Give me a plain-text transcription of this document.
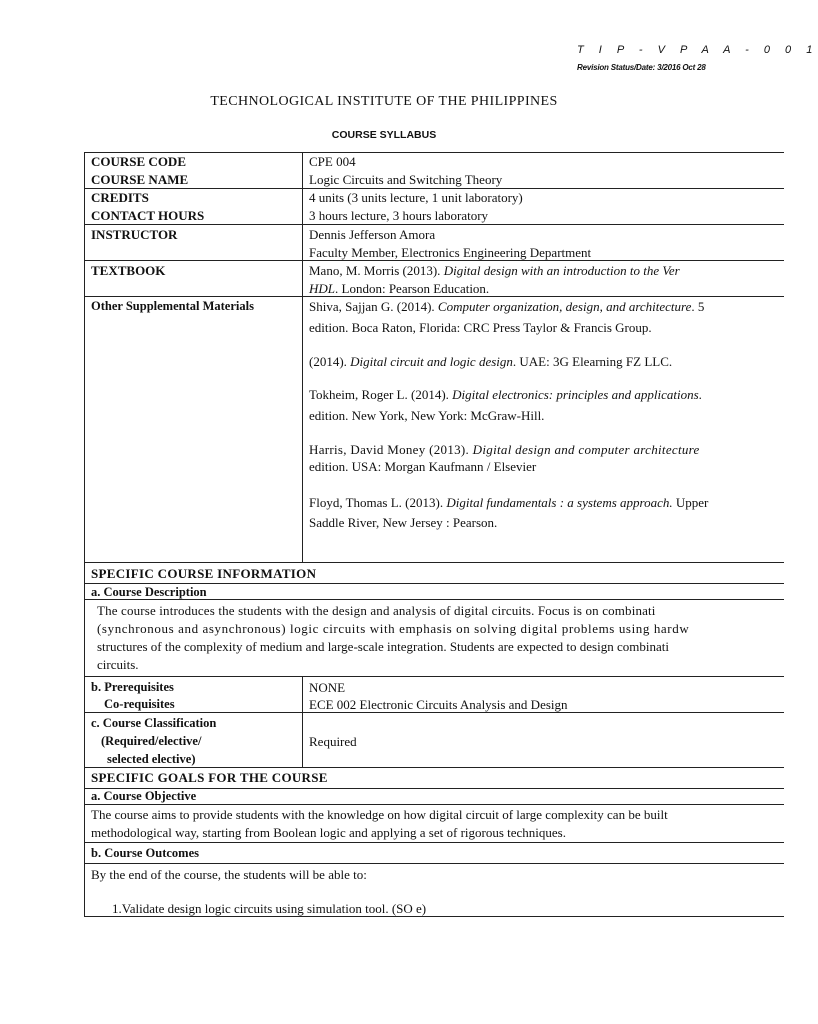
T I P - V P A A - 0 0 1
Revision Status/Date: 3/2016 Oct 28
TECHNOLOGICAL INSTITUTE OF THE PHILIPPINES
COURSE SYLLABUS
COURSE CODE
COURSE NAME
CREDITS
CONTACT HOURS
INSTRUCTOR
TEXTBOOK
Other Supplemental Materials
CPE 004
Logic Circuits and Switching Theory
4 units (3 units lecture, 1 unit laboratory)
3 hours lecture, 3 hours laboratory
Dennis Jefferson Amora
Faculty Member, Electronics Engineering Department
Mano, M. Morris (2013). Digital design with an introduction to the Ver
HDL. London: Pearson Education.
Shiva, Sajjan G. (2014). Computer organization, design, and architecture. 5
edition. Boca Raton, Florida: CRC Press Taylor & Francis Group.
(2014). Digital circuit and logic design. UAE: 3G Elearning FZ LLC.
Tokheim, Roger L. (2014). Digital electronics: principles and applications.
edition. New York, New York: McGraw-Hill.
Harris, David Money (2013). Digital design and computer architecture
edition. USA: Morgan Kaufmann / Elsevier
Floyd, Thomas L. (2013). Digital fundamentals : a systems approach. Upper
Saddle River, New Jersey : Pearson.
SPECIFIC COURSE INFORMATION
a. Course Description
The course introduces the students with the design and analysis of digital circuits. Focus is on combinati
(synchronous and asynchronous) logic circuits with emphasis on solving digital problems using hardw
structures of the complexity of medium and large-scale integration. Students are expected to design combinati
circuits.
b. Prerequisites
Co-requisites
NONE
ECE 002 Electronic Circuits Analysis and Design
c. Course Classification
(Required/elective/
selected elective)
Required
SPECIFIC GOALS FOR THE COURSE
a. Course Objective
The course aims to provide students with the knowledge on how digital circuit of large complexity can be built
methodological way, starting from Boolean logic and applying a set of rigorous techniques.
b. Course Outcomes
By the end of the course, the students will be able to:
1.Validate design logic circuits using simulation tool. (SO e)
